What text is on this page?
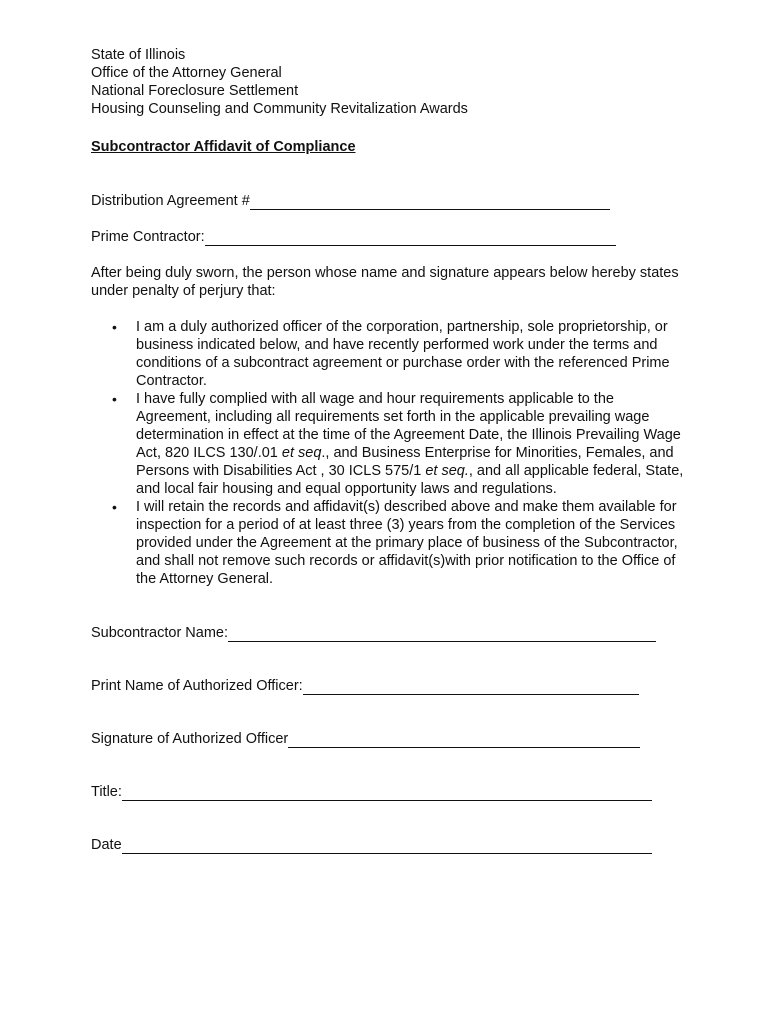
State of Illinois
Office of the Attorney General
National Foreclosure Settlement
Housing Counseling and Community Revitalization Awards
Subcontractor Affidavit of Compliance
Distribution Agreement #
Prime Contractor:
After being duly sworn, the person whose name and signature appears below hereby states under penalty of perjury that:
• I am a duly authorized officer of the corporation, partnership, sole proprietorship, or business indicated below, and have recently performed work under the terms and conditions of a subcontract agreement or purchase order with the referenced Prime Contractor.
• I have fully complied with all wage and hour requirements applicable to the Agreement, including all requirements set forth in the applicable prevailing wage determination in effect at the time of the Agreement Date, the Illinois Prevailing Wage Act, 820 ILCS 130/.01 et seq., and Business Enterprise for Minorities, Females, and Persons with Disabilities Act , 30 ICLS 575/1 et seq., and all applicable federal, State, and local fair housing and equal opportunity laws and regulations.
• I will retain the records and affidavit(s) described above and make them available for inspection for a period of at least three (3) years from the completion of the Services provided under the Agreement at the primary place of business of the Subcontractor, and shall not remove such records or affidavit(s)with prior notification to the Office of the Attorney General.
Subcontractor Name:
Print Name of Authorized Officer:
Signature of Authorized Officer
Title:
Date
